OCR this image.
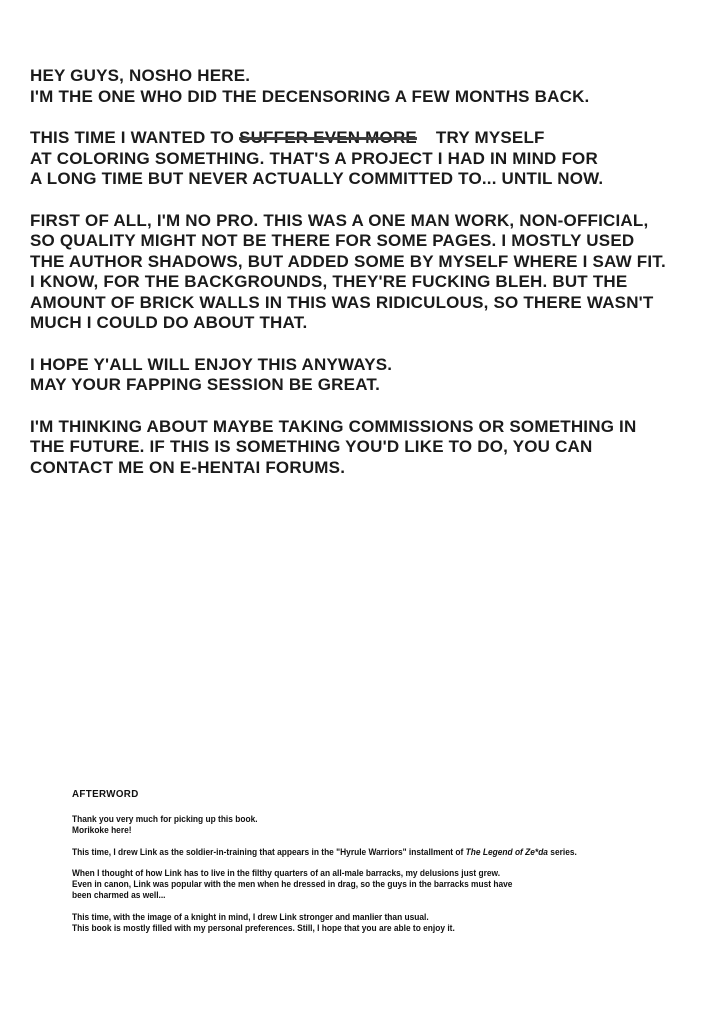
HEY GUYS, NOSHO HERE.
I'M THE ONE WHO DID THE DECENSORING A FEW MONTHS BACK.

THIS TIME I WANTED TO SUFFER EVEN MORE TRY MYSELF
AT COLORING SOMETHING. THAT'S A PROJECT I HAD IN MIND FOR
A LONG TIME BUT NEVER ACTUALLY COMMITTED TO... UNTIL NOW.

FIRST OF ALL, I'M NO PRO. THIS WAS A ONE MAN WORK, NON-OFFICIAL,
SO QUALITY MIGHT NOT BE THERE FOR SOME PAGES. I MOSTLY USED
THE AUTHOR SHADOWS, BUT ADDED SOME BY MYSELF WHERE I SAW FIT.
I KNOW, FOR THE BACKGROUNDS, THEY'RE FUCKING BLEH. BUT THE
AMOUNT OF BRICK WALLS IN THIS WAS RIDICULOUS, SO THERE WASN'T
MUCH I COULD DO ABOUT THAT.

I HOPE Y'ALL WILL ENJOY THIS ANYWAYS.
MAY YOUR FAPPING SESSION BE GREAT.

I'M THINKING ABOUT MAYBE TAKING COMMISSIONS OR SOMETHING IN
THE FUTURE. IF THIS IS SOMETHING YOU'D LIKE TO DO, YOU CAN
CONTACT ME ON E-HENTAI FORUMS.

AFTERWORD

Thank you very much for picking up this book.
Morikoke here!

This time, I drew Link as the soldier-in-training that appears in the "Hyrule Warriors" installment of The Legend of Ze*da series.

When I thought of how Link has to live in the filthy quarters of an all-male barracks, my delusions just grew.
Even in canon, Link was popular with the men when he dressed in drag, so the guys in the barracks must have
been charmed as well...

This time, with the image of a knight in mind, I drew Link stronger and manlier than usual.
This book is mostly filled with my personal preferences. Still, I hope that you are able to enjoy it.
